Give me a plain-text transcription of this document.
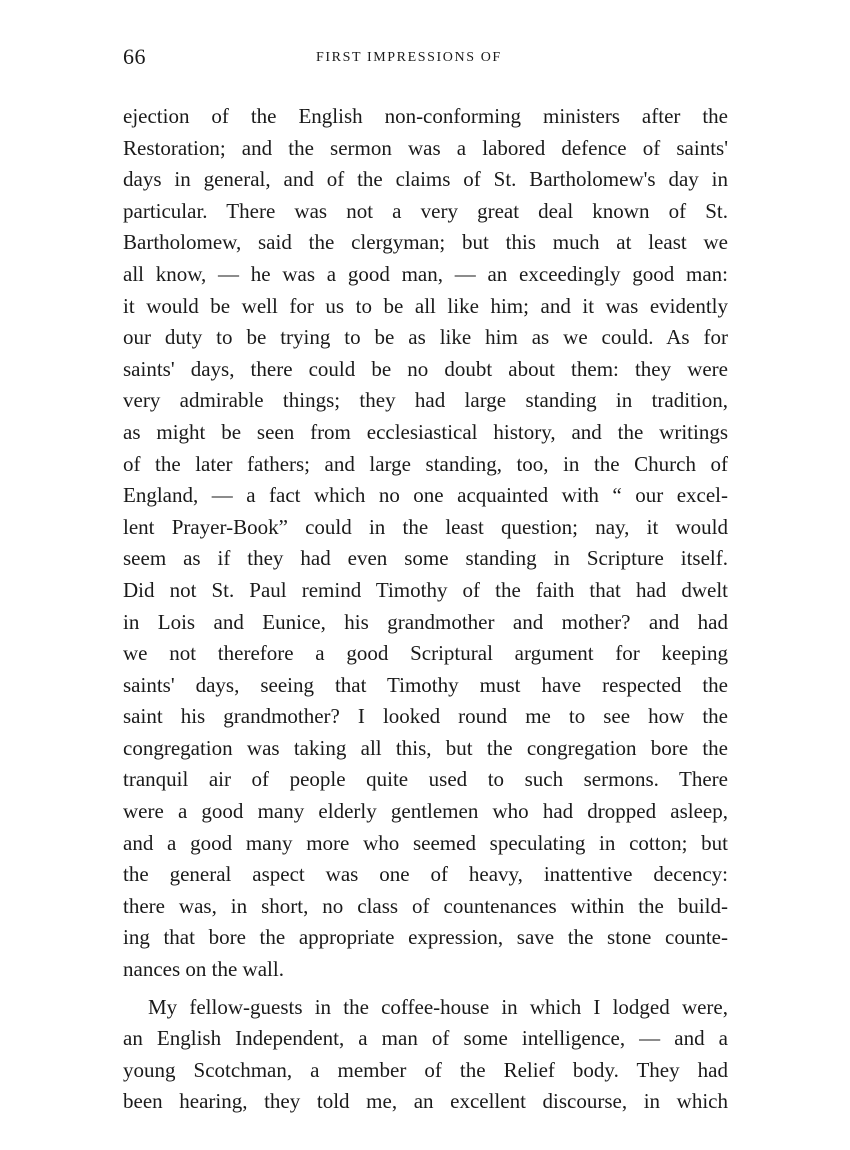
66	FIRST IMPRESSIONS OF
ejection of the English non-conforming ministers after the
Restoration; and the sermon was a labored defence of saints'
days in general, and of the claims of St. Bartholomew's day in
particular. There was not a very great deal known of St.
Bartholomew, said the clergyman; but this much at least we
all know, — he was a good man, — an exceedingly good man:
it would be well for us to be all like him; and it was evidently
our duty to be trying to be as like him as we could. As for
saints' days, there could be no doubt about them: they were
very admirable things; they had large standing in tradition,
as might be seen from ecclesiastical history, and the writings
of the later fathers; and large standing, too, in the Church of
England, — a fact which no one acquainted with “ our excel-
lent Prayer-Book” could in the least question; nay, it would
seem as if they had even some standing in Scripture itself.
Did not St. Paul remind Timothy of the faith that had dwelt
in Lois and Eunice, his grandmother and mother? and had
we not therefore a good Scriptural argument for keeping
saints' days, seeing that Timothy must have respected the
saint his grandmother? I looked round me to see how the
congregation was taking all this, but the congregation bore the
tranquil air of people quite used to such sermons. There
were a good many elderly gentlemen who had dropped asleep,
and a good many more who seemed speculating in cotton; but
the general aspect was one of heavy, inattentive decency:
there was, in short, no class of countenances within the build-
ing that bore the appropriate expression, save the stone counte-
nances on the wall.
My fellow-guests in the coffee-house in which I lodged were,
an English Independent, a man of some intelligence, — and a
young Scotchman, a member of the Relief body. They had
been hearing, they told me, an excellent discourse, in which
